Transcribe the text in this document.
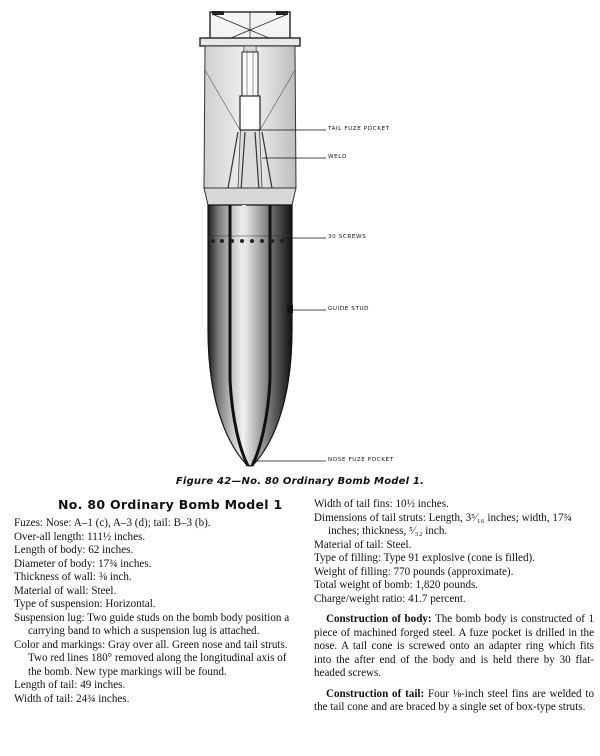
TAIL FUZE POCKET
WELD
30 SCREWS
GUIDE STUD
NOSE FUZE POCKET
Figure 42—No. 80 Ordinary Bomb Model 1.
No. 80 Ordinary Bomb Model 1

Fuzes: Nose: A–1 (c), A–3 (d); tail: B–3 (b).

Over-all length: 111½ inches.

Length of body: 62 inches.

Diameter of body: 17¾ inches.

Thickness of wall: ⅜ inch.

Material of wall: Steel.

Type of suspension: Horizontal.

Suspension lug: Two guide studs on the bomb body position a carrying band to which a suspension lug is attached.

Color and markings: Gray over all. Green nose and tail struts. Two red lines 180° removed along the longitudinal axis of the bomb. New type markings will be found.

Length of tail: 49 inches.

Width of tail: 24¾ inches.

Width of tail fins: 10½ inches.

Dimensions of tail struts: Length, 3⁵⁄₁₆ inches; width, 17¾ inches; thickness, ⁵⁄₃₂ inch.

Material of tail: Steel.

Type of filling: Type 91 explosive (cone is filled).

Weight of filling: 770 pounds (approximate).

Total weight of bomb: 1,820 pounds.

Charge/weight ratio: 41.7 percent.

Construction of body: The bomb body is constructed of 1 piece of machined forged steel. A fuze pocket is drilled in the nose. A tail cone is screwed onto an adapter ring which fits into the after end of the body and is held there by 30 flat-headed screws.

Construction of tail: Four ⅛-inch steel fins are welded to the tail cone and are braced by a single set of box-type struts.
